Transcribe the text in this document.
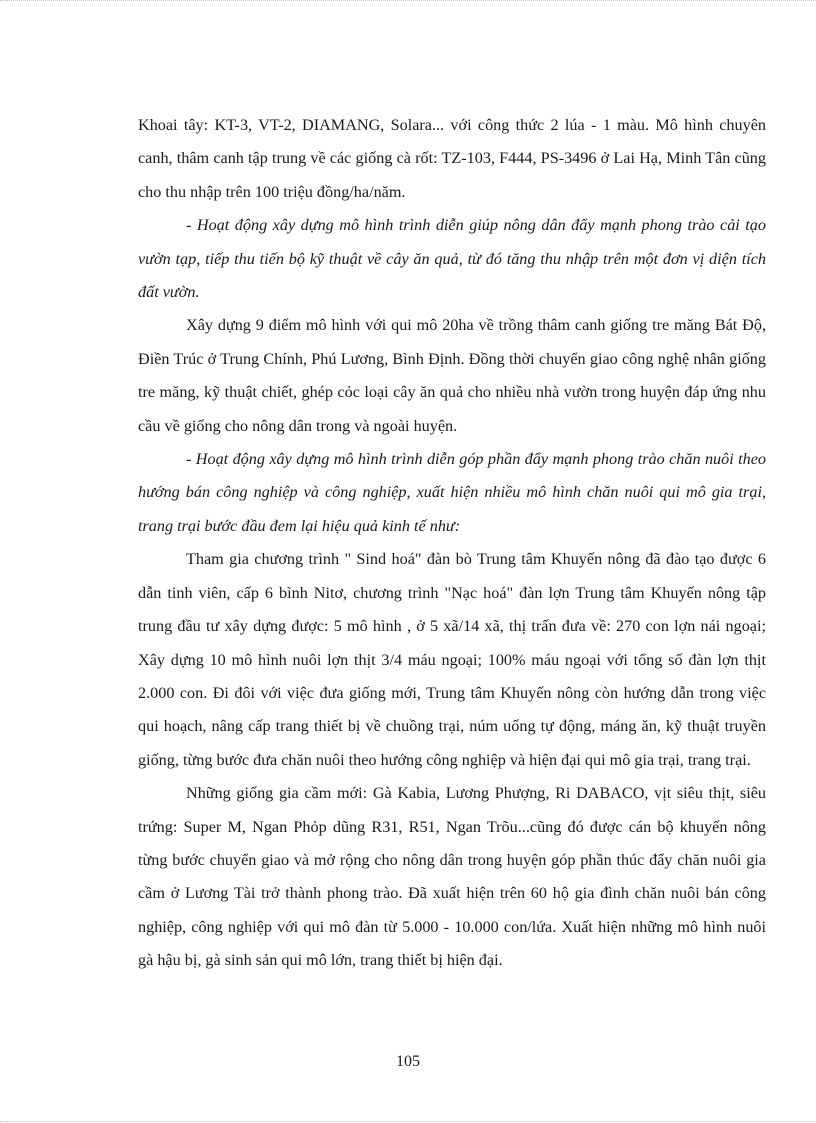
Khoai tây: KT-3, VT-2, DIAMANG, Solara... với công thức 2 lúa - 1 màu. Mô hình chuyên canh, thâm canh tập trung về các giống cà rốt: TZ-103, F444, PS-3496 ở Lai Hạ, Minh Tân cũng cho thu nhập trên 100 triệu đồng/ha/năm.

- Hoạt động xây dựng mô hình trình diễn giúp nông dân đẩy mạnh phong trào cải tạo vườn tạp, tiếp thu tiến bộ kỹ thuật về cây ăn quả, từ đó tăng thu nhập trên một đơn vị diện tích đất vườn.

Xây dựng 9 điểm mô hình với qui mô 20ha về trồng thâm canh giống tre măng Bát Độ, Điền Trúc ở Trung Chính, Phú Lương, Bình Định. Đồng thời chuyển giao công nghệ nhân giống tre măng, kỹ thuật chiết, ghép cỏc loại cây ăn quả cho nhiều nhà vườn trong huyện đáp ứng nhu cầu về giống cho nông dân trong và ngoài huyện.

- Hoạt động xây dựng mô hình trình diễn góp phần đẩy mạnh phong trào chăn nuôi theo hướng bán công nghiệp và công nghiệp, xuất hiện nhiều mô hình chăn nuôi qui mô gia trại, trang trại bước đầu đem lại hiệu quả kinh tế như:

Tham gia chương trình " Sind hoá" đàn bò Trung tâm Khuyến nông đã đào tạo được 6 dẫn tinh viên, cấp 6 bình Nitơ, chương trình "Nạc hoá" đàn lợn Trung tâm Khuyến nông tập trung đầu tư xây dựng được: 5 mô hình , ở 5 xã/14 xã, thị trấn đưa về: 270 con lợn nái ngoại; Xây dựng 10 mô hình nuôi lợn thịt 3/4 máu ngoại; 100% máu ngoại với tổng số đàn lợn thịt 2.000 con. Đi đôi với việc đưa giống mới, Trung tâm Khuyến nông còn hướng dẫn trong việc qui hoạch, nâng cấp trang thiết bị về chuồng trại, núm uống tự động, máng ăn, kỹ thuật truyền giống, từng bước đưa chăn nuôi theo hướng công nghiệp và hiện đại qui mô gia trại, trang trại.

Những giống gia cầm mới: Gà Kabia, Lương Phượng, Ri DABACO, vịt siêu thịt, siêu trứng: Super M, Ngan Phỏp dũng R31, R51, Ngan Trõu...cũng đó được cán bộ khuyến nông từng bước chuyển giao và mở rộng cho nông dân trong huyện góp phần thúc đẩy chăn nuôi gia cầm ở Lương Tài trở thành phong trào. Đã xuất hiện trên 60 hộ gia đình chăn nuôi bán công nghiệp, công nghiệp với qui mô đàn từ 5.000 - 10.000 con/lứa. Xuất hiện những mô hình nuôi gà hậu bị, gà sinh sản qui mô lớn, trang thiết bị hiện đại.

105
